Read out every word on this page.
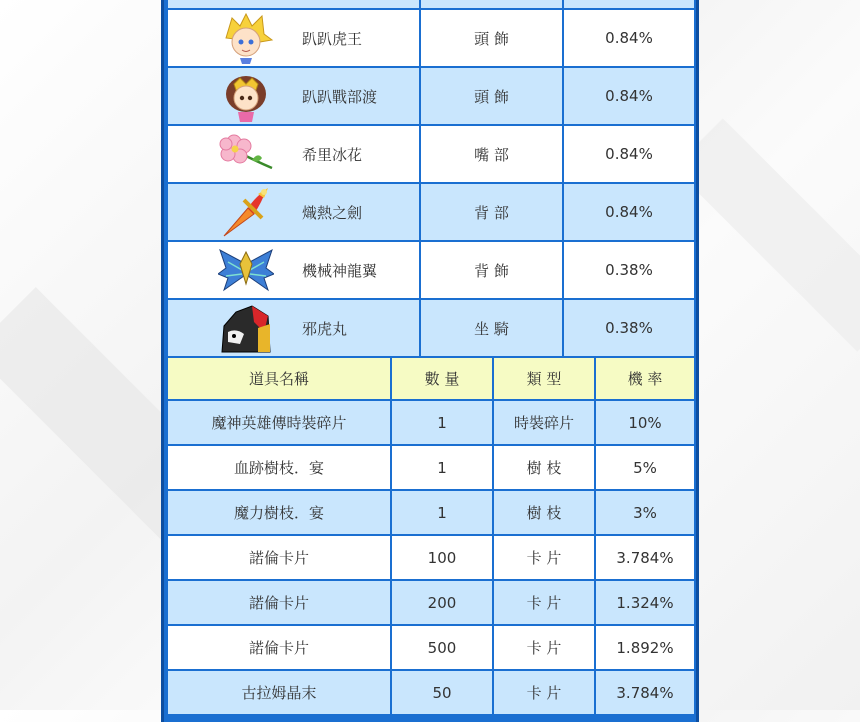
趴趴虎王	頭 飾	0.84%
趴趴戰部渡	頭 飾	0.84%
希里冰花	嘴 部	0.84%
熾熱之劍	背 部	0.84%
機械神龍翼	背 飾	0.38%
邪虎丸	坐 騎	0.38%
道具名稱	數 量	類 型	機 率
魔神英雄傳時裝碎片	1	時裝碎片	10%
血跡樹枝．宴	1	樹 枝	5%
魔力樹枝．宴	1	樹 枝	3%
諾倫卡片	100	卡 片	3.784%
諾倫卡片	200	卡 片	1.324%
諾倫卡片	500	卡 片	1.892%
古拉姆晶末	50	卡 片	3.784%
